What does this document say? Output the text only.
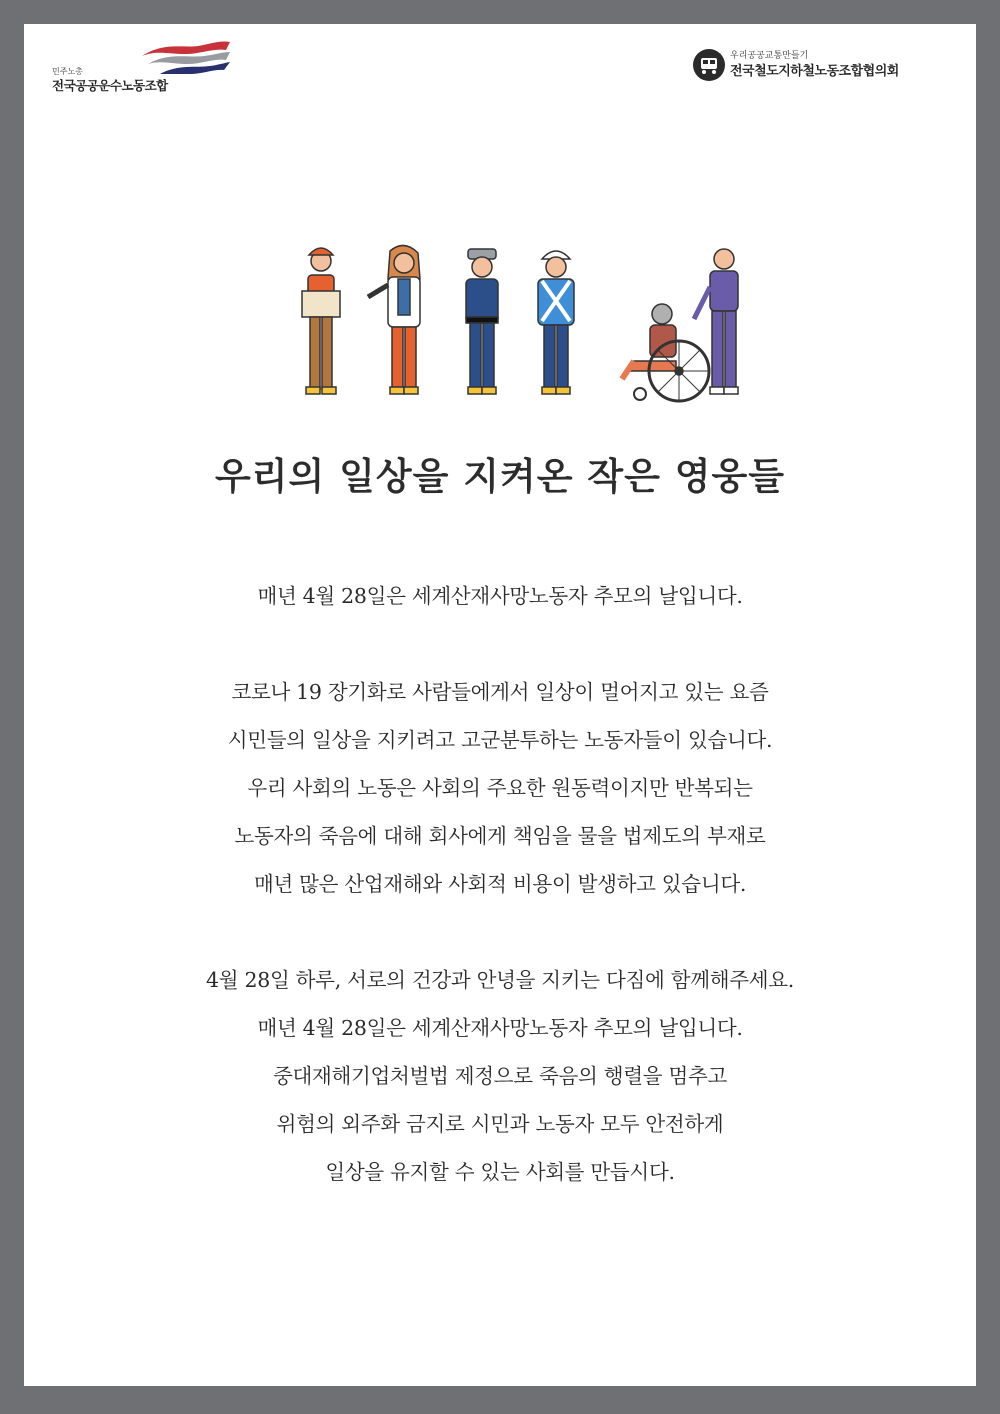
민주노총
전국공공운수노동조합
우리공공교통만들기
전국철도지하철노동조합협의회
우리의 일상을 지켜온 작은 영웅들
매년 4월 28일은 세계산재사망노동자 추모의 날입니다.
코로나 19 장기화로 사람들에게서 일상이 멀어지고 있는 요즘
시민들의 일상을 지키려고 고군분투하는 노동자들이 있습니다.
우리 사회의 노동은 사회의 주요한 원동력이지만 반복되는
노동자의 죽음에 대해 회사에게 책임을 물을 법제도의 부재로
매년 많은 산업재해와 사회적 비용이 발생하고 있습니다.
4월 28일 하루, 서로의 건강과 안녕을 지키는 다짐에 함께해주세요.
매년 4월 28일은 세계산재사망노동자 추모의 날입니다.
중대재해기업처벌법 제정으로 죽음의 행렬을 멈추고
위험의 외주화 금지로 시민과 노동자 모두 안전하게
일상을 유지할 수 있는 사회를 만듭시다.
